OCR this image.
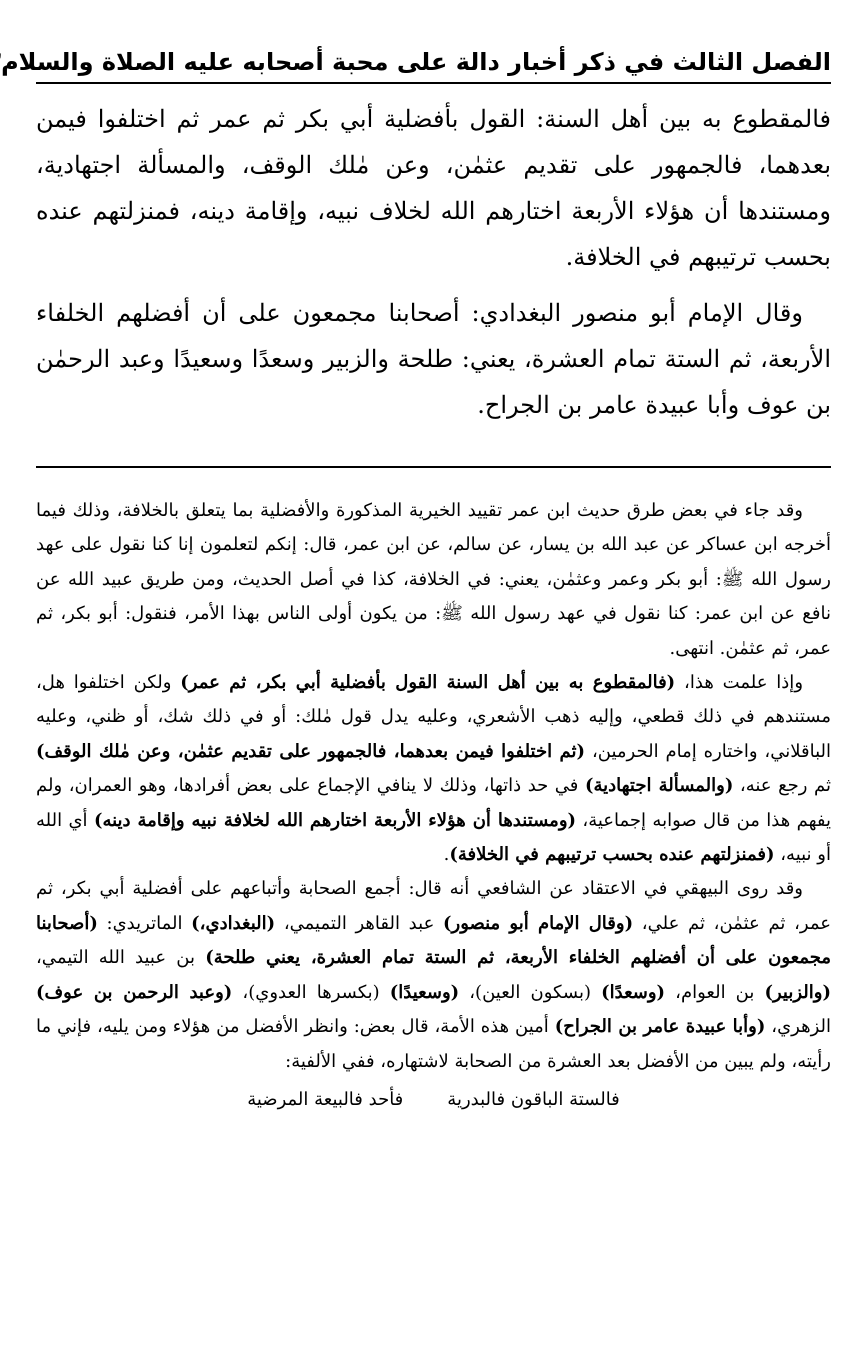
الفصل الثالث في ذكر أخبار دالة على محبة أصحابه عليه الصلاة والسلام

فالمقطوع به بين أهل السنة: القول بأفضلية أبي بكر ثم عمر ثم اختلفوا فيمن بعدهما، فالجمهور على تقديم عثمٰن، وعن مٰلك الوقف، والمسألة اجتهادية، ومستندها أن هؤلاء الأربعة اختارهم الله لخلاف نبيه، وإقامة دينه، فمنزلتهم عنده بحسب ترتيبهم في الخلافة.

وقال الإمام أبو منصور البغدادي: أصحابنا مجمعون على أن أفضلهم الخلفاء الأربعة، ثم الستة تمام العشرة، يعني: طلحة والزبير وسعدًا وسعيدًا وعبد الرحمٰن بن عوف وأبا عبيدة عامر بن الجراح.

وقد جاء في بعض طرق حديث ابن عمر تقييد الخيرية المذكورة والأفضلية بما يتعلق بالخلافة، وذلك فيما أخرجه ابن عساكر عن عبد الله بن يسار، عن سالم، عن ابن عمر، قال: إنكم لتعلمون إنا كنا نقول على عهد رسول الله ﷺ: أبو بكر وعمر وعثمٰن، يعني: في الخلافة، كذا في أصل الحديث، ومن طريق عبيد الله عن نافع عن ابن عمر: كنا نقول في عهد رسول الله ﷺ: من يكون أولى الناس بهذا الأمر، فنقول: أبو بكر، ثم عمر، ثم عثمٰن. انتهى.

وإذا علمت هذا، (فالمقطوع به بين أهل السنة القول بأفضلية أبي بكر، ثم عمر) ولكن اختلفوا هل، مستندهم في ذلك قطعي، وإليه ذهب الأشعري، وعليه يدل قول مٰلك: أو في ذلك شك، أو ظني، وعليه الباقلاني، واختاره إمام الحرمين، (ثم اختلفوا فيمن بعدهما، فالجمهور على تقديم عثمٰن، وعن مٰلك الوقف) ثم رجع عنه، (والمسألة اجتهادية) في حد ذاتها، وذلك لا ينافي الإجماع على بعض أفرادها، وهو العمران، ولم يفهم هذا من قال صوابه إجماعية، (ومستندها أن هؤلاء الأربعة اختارهم الله لخلافة نبيه وإقامة دينه) أي الله أو نبيه، (فمنزلتهم عنده بحسب ترتيبهم في الخلافة).

وقد روى البيهقي في الاعتقاد عن الشافعي أنه قال: أجمع الصحابة وأتباعهم على أفضلية أبي بكر، ثم عمر، ثم عثمٰن، ثم علي، (وقال الإمام أبو منصور) عبد القاهر التميمي، (البغدادي،) الماتريدي: (أصحابنا مجمعون على أن أفضلهم الخلفاء الأربعة، ثم الستة تمام العشرة، يعني طلحة) بن عبيد الله التيمي، (والزبير) بن العوام، (وسعدًا) (بسكون العين)، (وسعيدًا) (بكسرها العدوي)، (وعبد الرحمن بن عوف) الزهري، (وأبا عبيدة عامر بن الجراح) أمين هذه الأمة، قال بعض: وانظر الأفضل من هؤلاء ومن يليه، فإني ما رأيته، ولم يبين من الأفضل بعد العشرة من الصحابة لاشتهاره، ففي الألفية:

فالستة الباقون فالبدرية
فأحد فالبيعة المرضية
